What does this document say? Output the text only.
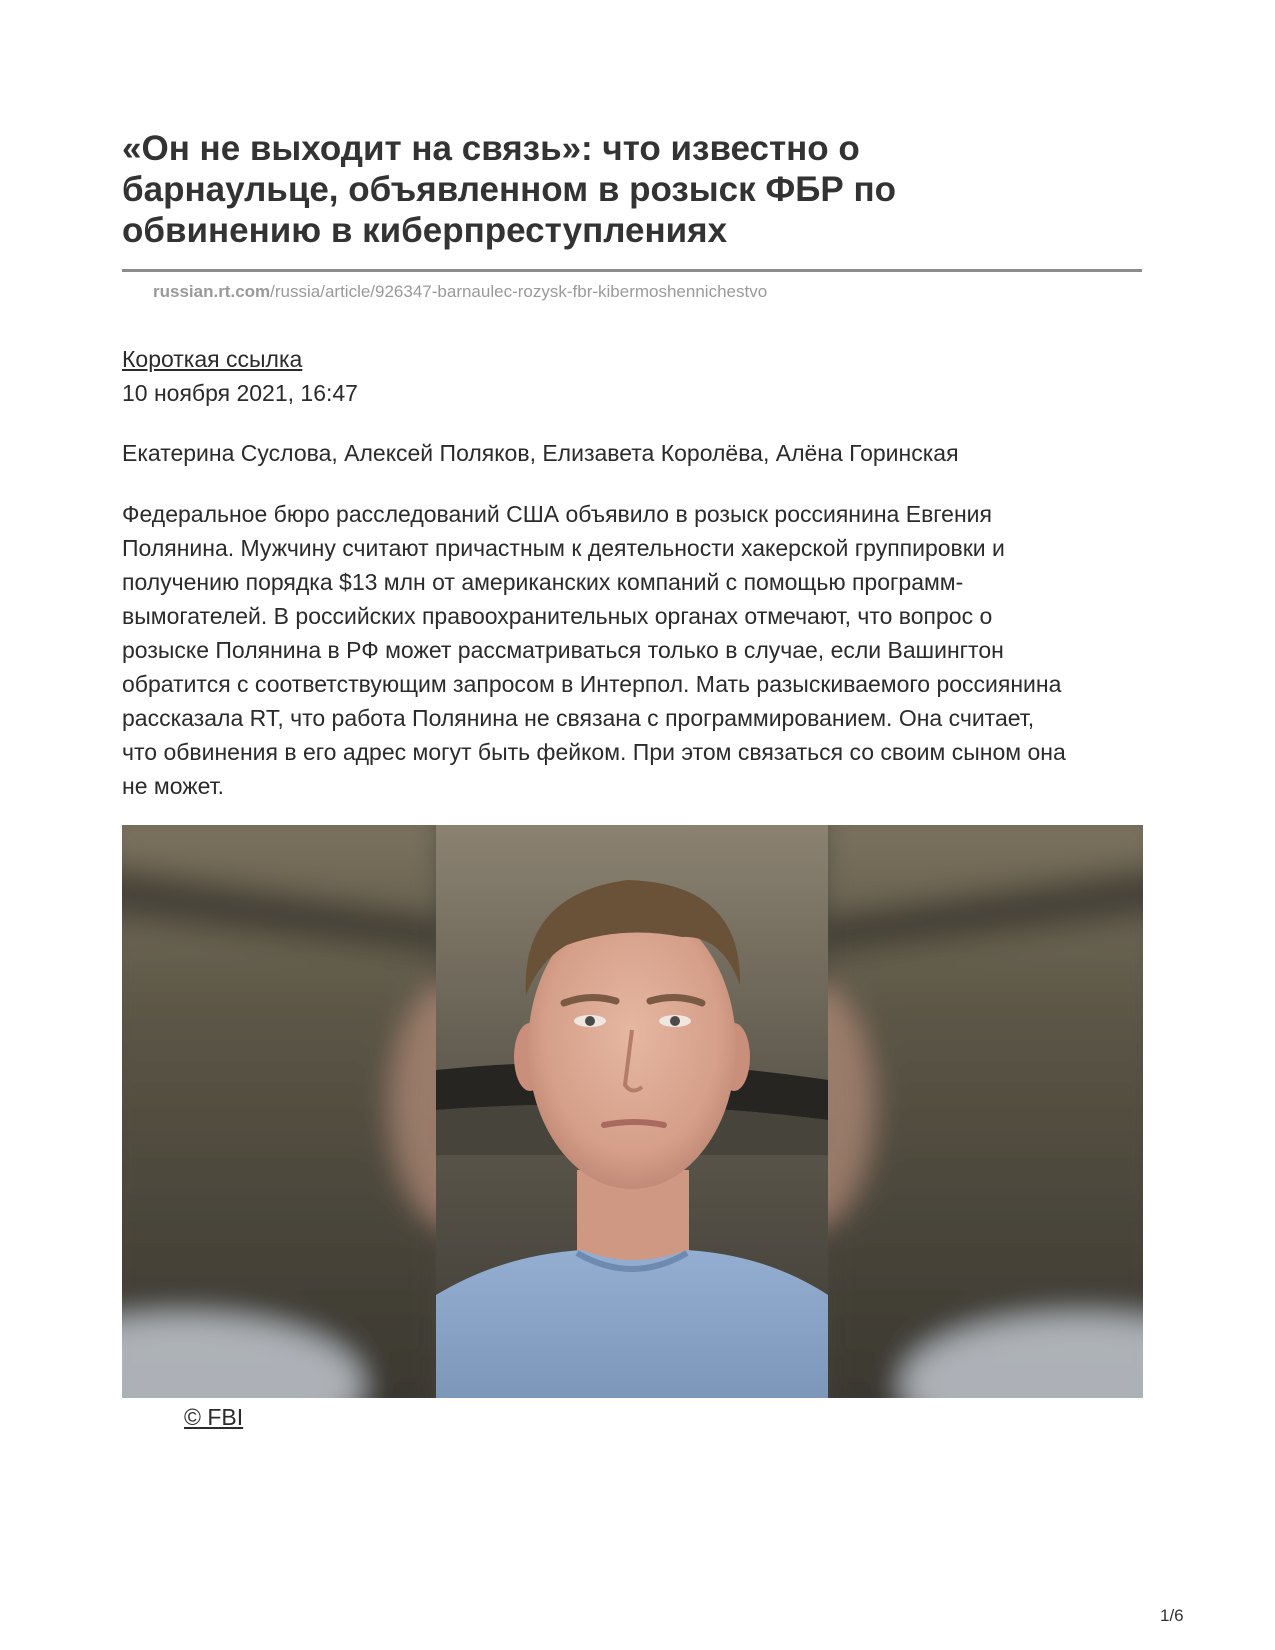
«Он не выходит на связь»: что известно о
барнаульце, объявленном в розыск ФБР по
обвинению в киберпреступлениях
russian.rt.com/russia/article/926347-barnaulec-rozysk-fbr-kibermoshennichestvo
Короткая ссылка
10 ноября 2021, 16:47
Екатерина Суслова, Алексей Поляков, Елизавета Королёва, Алёна Горинская

Федеральное бюро расследований США объявило в розыск россиянина Евгения
Полянина. Мужчину считают причастным к деятельности хакерской группировки и
получению порядка $13 млн от американских компаний с помощью программ-
вымогателей. В российских правоохранительных органах отмечают, что вопрос о
розыске Полянина в РФ может рассматриваться только в случае, если Вашингтон
обратится с соответствующим запросом в Интерпол. Мать разыскиваемого россиянина
рассказала RT, что работа Полянина не связана с программированием. Она считает,
что обвинения в его адрес могут быть фейком. При этом связаться со своим сыном она
не может.

© FBI
1/6
